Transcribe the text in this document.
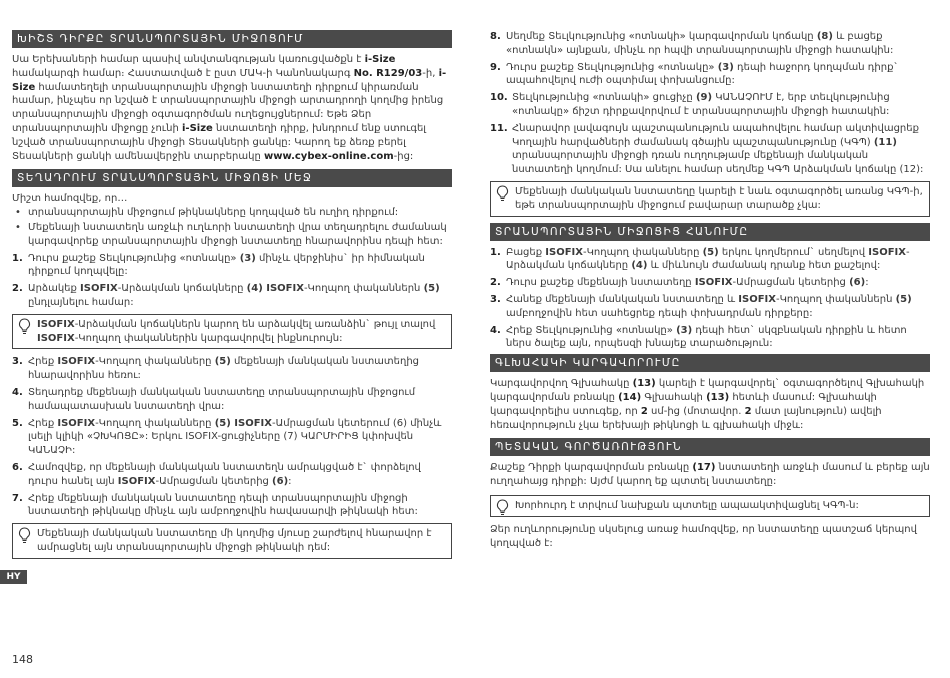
ԽԻՇՏ ԴԻՐՔԸ ՏՐԱՆՍՊՈՐՏԱՅԻՆ ՄԻՋՈՑՈՒՄ

Սա Երեխաների համար պասիվ անվտանգության կառուցվածքն է i-Size համակարգի համար։ Հաստատված է ըստ ՄԱԿ-ի Կանոնակարգ No. R129/03-ի, i-Size համատեղելի տրանսպորտային միջոցի նստատեղի դիրքում կիրառման համար, ինչպես որ նշված է տրանսպորտային միջոցի արտադրողի կողմից իրենց տրանսպորտային միջոցի օգտագործման ուղեցույցներում: Եթե Ձեր տրանսպորտային միջոցը չունի i-Size նստատեղի դիրք, խնդրում ենք ստուգել նշված տրանսպորտային միջոցի Տեսակների ցանկը: Կարող եք ձեռք բերել Տեսակների ցանկի ամենավերջին տարբերակը www.cybex-online.com-ից:

ՏԵՂԱԴՐՈՒՄ ՏՐԱՆՍՊՈՐՏԱՅԻՆ ՄԻՋՈՑԻ ՄԵՋ

Միշտ համոզվեք, որ…

• տրանսպորտային միջոցում թիկնակները կողպված են ուղիղ դիրքում:
• Մեքենայի նստատեղն առջևի ուղևորի նստատեղի վրա տեղադրելու ժամանակ կարգավորեք տրանսպորտային միջոցի նստատեղը հնարավորինս դեպի հետ:
1. Դուրս քաշեք Տեւլկությունից «ոտնակը» (3) մինչև վերջինիս` իր հիմնական դիրքում կողպվելը:
2. Արձակեք ISOFIX-Արձակման կոճակները (4) ISOFIX-Կողպող փականներն (5) ընդլայնելու համար:
ISOFIX-Արձակման կոճակներն կարող են արձակվել առանձին` թույլ տալով ISOFIX-Կողպող փականներին կարգավորվել ինքնուրույն:
3. Հրեք ISOFIX-Կողպող փականները (5) մեքենայի մանկական նստատեղից հնարավորինս հեռու:
4. Տեղադրեք մեքենայի մանկական նստատեղը տրանսպորտային միջոցում համապատասխան նստատեղի վրա:
5. Հրեք ISOFIX-Կողպող փականները (5) ISOFIX-Ամրացման կետերում (6) մինչև լսելի կլիկի «ՉԽԿՈՑԸ»: Երկու ISOFIX-ցուցիչները (7) ԿԱՐՄԻՐԻՑ կփոխվեն ԿԱՆԱՉԻ:
6. Համոզվեք, որ մեքենայի մանկական նստատեղն ամրակցված է` փորձելով դուրս հանել այն ISOFIX-Ամրացման կետերից (6):
7. Հրեք մեքենայի մանկական նստատեղը դեպի տրանսպորտային միջոցի նստատեղի թիկնակը մինչև այն ամբողջովին հավասարվի թիկնակի հետ:
Մեքենայի մանկական նստատեղը մի կողմից մյուսը շարժելով հնարավոր է ամրացնել այն տրանսպորտային միջոցի թիկնակի դեմ:
HY
148
8. Սեղմեք Տեւլկությունից «ոտնակի» կարգավորման կոճակը (8) և բացեք «ոտնակն» այնքան, մինչև որ հպվի տրանսպորտային միջոցի հատակին:
9. Դուրս քաշեք Տեւլկությունից «ոտնակը» (3) դեպի հաջորդ կողպման դիրք` ապահովելով ուժի օպտիմալ փոխանցումը:
10. Տեւլկությունից «ոտնակի» ցուցիչը (9) ԿԱՆԱՉՈՒՄ է, երբ տեւլկությունից «ոտնակը» ճիշտ դիրքավորվում է տրանսպորտային միջոցի հատակին:
11. Հնարավոր լավագույն պաշտպանություն ապահովելու համար ակտիվացրեք Կողային հարվածների ժամանակ գծային պաշտպանությունը (ԿԳՊ) (11) տրանսպորտային միջոցի դռան ուղղությամբ մեքենայի մանկական նստատեղի կողմում: Սա անելու համար սեղմեք ԿԳՊ Արձակման կոճակը (12):
Մեքենայի մանկական նստատեղը կարելի է նաև օգտագործել առանց ԿԳՊ-ի, եթե տրանսպորտային միջոցում բավարար տարածք չկա:
ՏՐԱՆՍՊՈՐՏԱՅԻՆ ՄԻՋՈՑԻՑ ՀԱՆՈՒՄԸ
1. Բացեք ISOFIX-Կողպող փականները (5) երկու կողմերում` սեղմելով ISOFIX-Արձակման կոճակները (4) և միևնույն ժամանակ դրանք հետ քաշելով:
2. Դուրս քաշեք մեքենայի նստատեղը ISOFIX-Ամրացման կետերից (6):
3. Հանեք մեքենայի մանկական նստատեղը և ISOFIX-Կողպող փականներն (5) ամբողջովին հետ սահեցրեք դեպի փոխադրման դիրքերը:
4. Հրեք Տեւլկությունից «ոտնակը» (3) դեպի հետ` սկզբնական դիրքին և հետո ներս ծալեք այն, որպեսզի խնայեք տարածություն:
ԳԼԽԱՀԱԿԻ ԿԱՐԳԱՎՈՐՈՒՄԸ

Կարգավորվող Գլխահակը (13) կարելի է կարգավորել` օգտագործելով Գլխահակի կարգավորման բռնակը (14) Գլխահակի (13) հետևի մասում: Գլխահակի կարգավորելիս ստուգեք, որ 2 սմ-ից (մոտավոր. 2 մատ լայնություն) ավելի հեռավորություն չկա երեխայի թիկնոցի և գլխահակի միջև:

ՊԵՏԱԿԱՆ ԳՈՐԾԱՌՈՒԹՅՈՒՆ

Քաշեք Դիրքի կարգավորման բռնակը (17) նստատեղի առջևի մասում և բերեք այն ուղղահայց դիրքի: Այժմ կարող եք պտտել նստատեղը:

Խորհուրդ է տրվում նախքան պտտելը ապաակտիվացնել ԿԳՊ-ն:

Ձեր ուղևորությունը սկսելուց առաջ համոզվեք, որ նստատեղը պատշաճ կերպով կողպված է:
